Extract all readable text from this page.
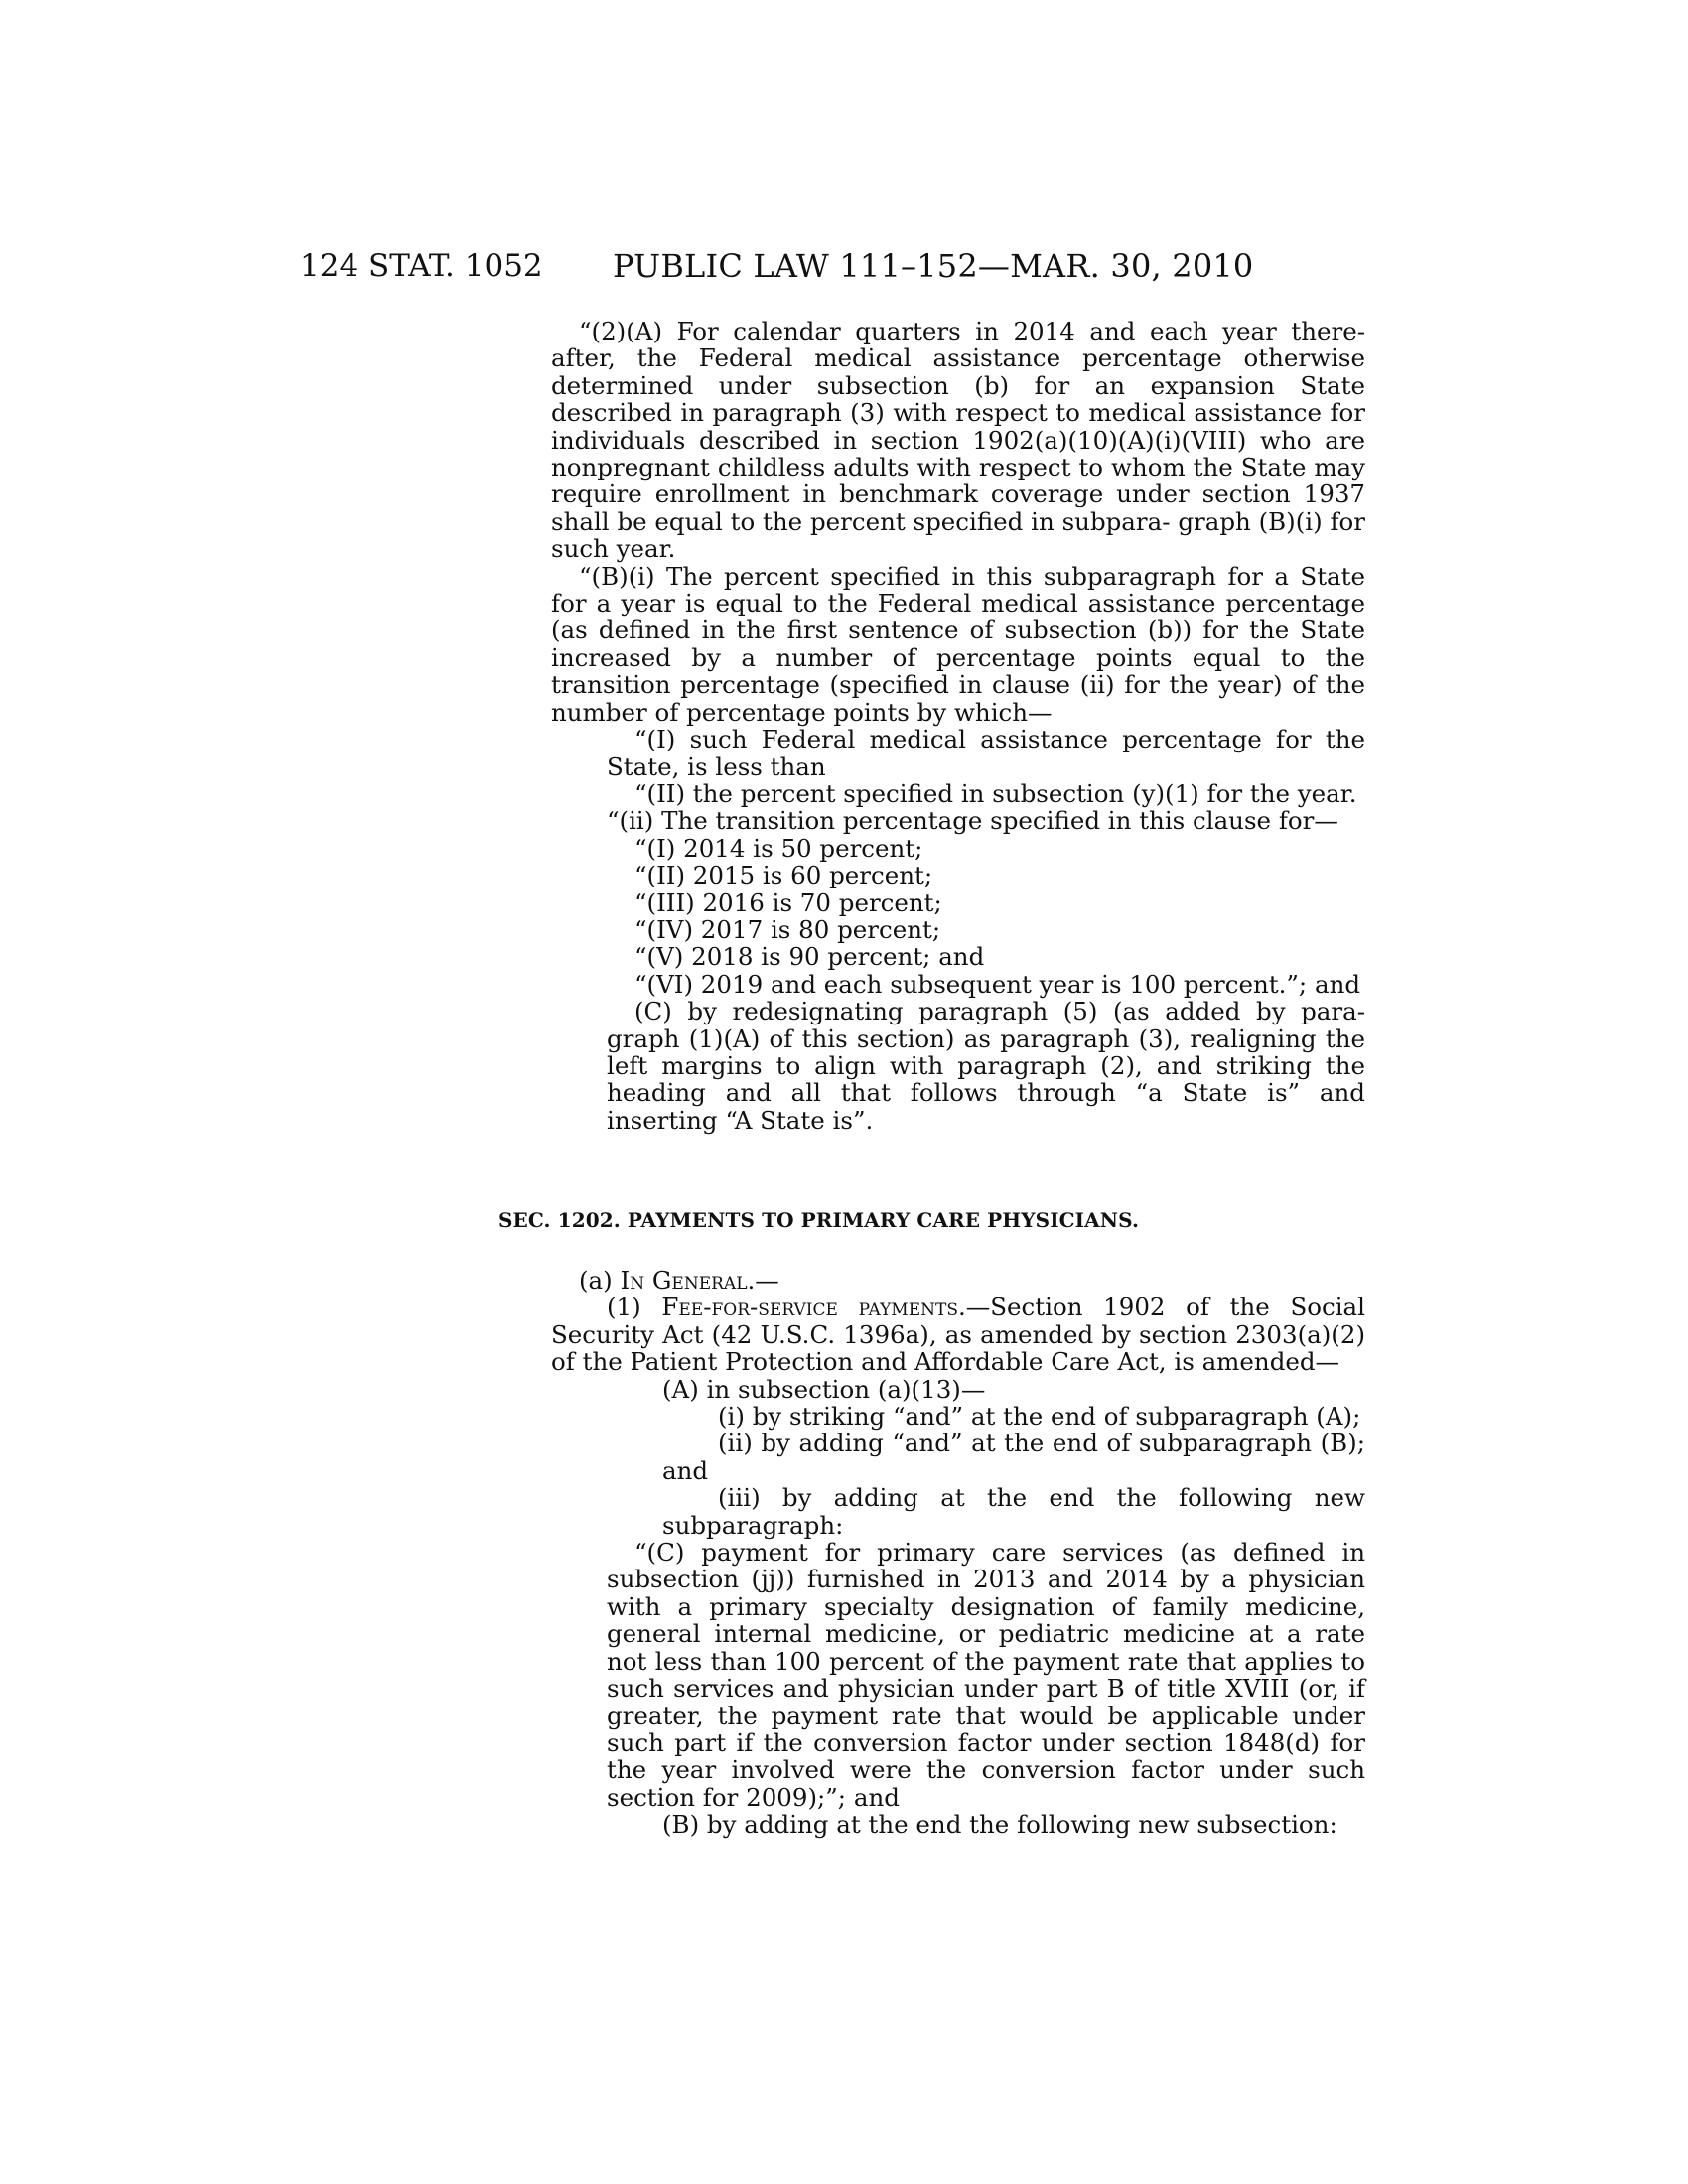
124 STAT. 1052 PUBLIC LAW 111–152—MAR. 30, 2010

“(2)(A) For calendar quarters in 2014 and each year there- after, the Federal medical assistance percentage otherwise determined under subsection (b) for an expansion State described in paragraph (3) with respect to medical assistance for individuals described in section 1902(a)(10)(A)(i)(VIII) who are nonpregnant childless adults with respect to whom the State may require enrollment in benchmark coverage under section 1937 shall be equal to the percent specified in subpara- graph (B)(i) for such year.

“(B)(i) The percent specified in this subparagraph for a State for a year is equal to the Federal medical assistance percentage (as defined in the first sentence of subsection (b)) for the State increased by a number of percentage points equal to the transition percentage (specified in clause (ii) for the year) of the number of percentage points by which—

“(I) such Federal medical assistance percentage for the State, is less than

“(II) the percent specified in subsection (y)(1) for the year.

“(ii) The transition percentage specified in this clause for—

“(I) 2014 is 50 percent;

“(II) 2015 is 60 percent;

“(III) 2016 is 70 percent;

“(IV) 2017 is 80 percent;

“(V) 2018 is 90 percent; and

“(VI) 2019 and each subsequent year is 100 percent.”; and

(C) by redesignating paragraph (5) (as added by para- graph (1)(A) of this section) as paragraph (3), realigning the left margins to align with paragraph (2), and striking the heading and all that follows through “a State is” and inserting “A State is”.

SEC. 1202. PAYMENTS TO PRIMARY CARE PHYSICIANS.

(a) In General.—

(1) Fee-for-service payments.—Section 1902 of the Social Security Act (42 U.S.C. 1396a), as amended by section 2303(a)(2) of the Patient Protection and Affordable Care Act, is amended—

(A) in subsection (a)(13)—

(i) by striking “and” at the end of subparagraph (A);

(ii) by adding “and” at the end of subparagraph (B); and

(iii) by adding at the end the following new subparagraph:

“(C) payment for primary care services (as defined in subsection (jj)) furnished in 2013 and 2014 by a physician with a primary specialty designation of family medicine, general internal medicine, or pediatric medicine at a rate not less than 100 percent of the payment rate that applies to such services and physician under part B of title XVIII (or, if greater, the payment rate that would be applicable under such part if the conversion factor under section 1848(d) for the year involved were the conversion factor under such section for 2009);”; and

(B) by adding at the end the following new subsection:
